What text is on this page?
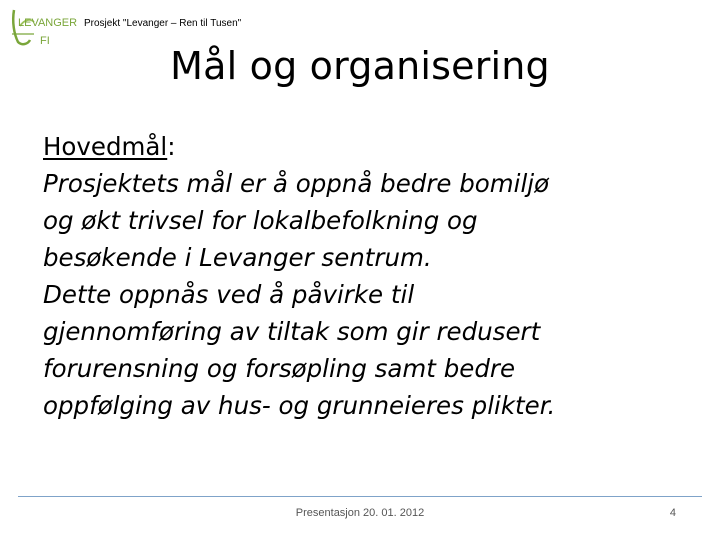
LEVANGER
FI
Prosjekt "Levanger – Ren til Tusen"
Mål og organisering
Hovedmål:
Prosjektets mål er å oppnå bedre bomiljø
og økt trivsel for lokalbefolkning og
besøkende i Levanger sentrum.
Dette oppnås ved å påvirke til
gjennomføring av tiltak som gir redusert
forurensning og forsøpling samt bedre
oppfølging av hus- og grunneieres plikter.
Presentasjon 20. 01. 2012	4
